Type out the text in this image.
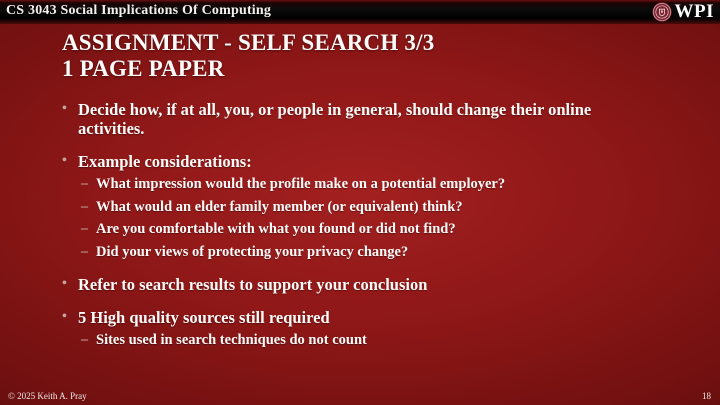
CS 3043 Social Implications Of Computing	WPI
ASSIGNMENT - SELF SEARCH 3/3
1 PAGE PAPER
• Decide how, if at all, you, or people in general, should change their online activities.
• Example considerations:
– What impression would the profile make on a potential employer?
– What would an elder family member (or equivalent) think?
– Are you comfortable with what you found or did not find?
– Did your views of protecting your privacy change?
• Refer to search results to support your conclusion
• 5 High quality sources still required
– Sites used in search techniques do not count
© 2025 Keith A. Pray	18
